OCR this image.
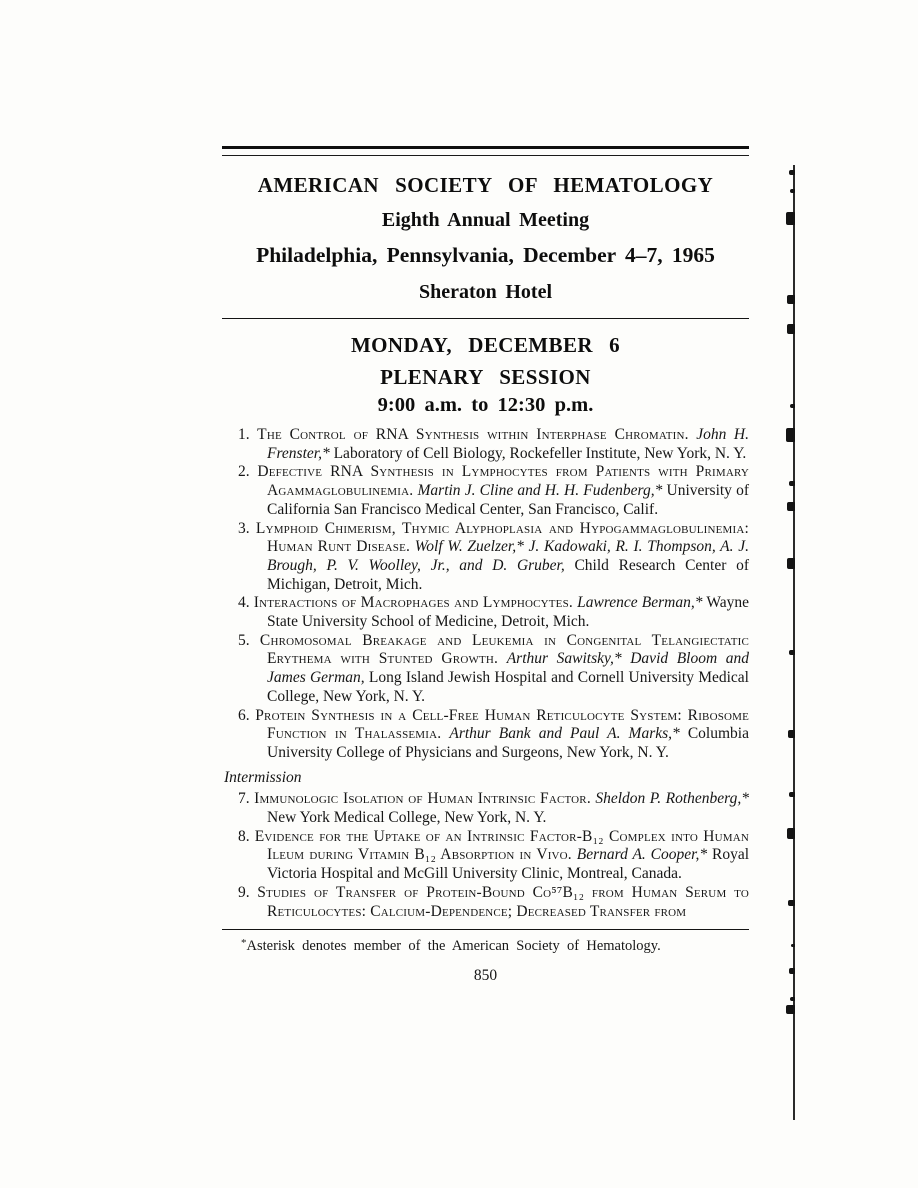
AMERICAN SOCIETY OF HEMATOLOGY
Eighth Annual Meeting
Philadelphia, Pennsylvania, December 4–7, 1965
Sheraton Hotel
MONDAY, DECEMBER 6
PLENARY SESSION
9:00 a.m. to 12:30 p.m.

1. The Control of RNA Synthesis within Interphase Chromatin. John H. Frenster,* Laboratory of Cell Biology, Rockefeller Institute, New York, N. Y.

2. Defective RNA Synthesis in Lymphocytes from Patients with Primary Agammaglobulinemia. Martin J. Cline and H. H. Fudenberg,* University of California San Francisco Medical Center, San Francisco, Calif.

3. Lymphoid Chimerism, Thymic Alyphoplasia and Hypogammaglobulinemia: Human Runt Disease. Wolf W. Zuelzer,* J. Kadowaki, R. I. Thompson, A. J. Brough, P. V. Woolley, Jr., and D. Gruber, Child Research Center of Michigan, Detroit, Mich.

4. Interactions of Macrophages and Lymphocytes. Lawrence Berman,* Wayne State University School of Medicine, Detroit, Mich.

5. Chromosomal Breakage and Leukemia in Congenital Telangiectatic Erythema with Stunted Growth. Arthur Sawitsky,* David Bloom and James German, Long Island Jewish Hospital and Cornell University Medical College, New York, N. Y.

6. Protein Synthesis in a Cell-Free Human Reticulocyte System: Ribosome Function in Thalassemia. Arthur Bank and Paul A. Marks,* Columbia University College of Physicians and Surgeons, New York, N. Y.

Intermission

7. Immunologic Isolation of Human Intrinsic Factor. Sheldon P. Rothenberg,* New York Medical College, New York, N. Y.

8. Evidence for the Uptake of an Intrinsic Factor-B₁₂ Complex into Human Ileum during Vitamin B₁₂ Absorption in Vivo. Bernard A. Cooper,* Royal Victoria Hospital and McGill University Clinic, Montreal, Canada.

9. Studies of Transfer of Protein-Bound Co⁵⁷B₁₂ from Human Serum to Reticulocytes: Calcium-Dependence; Decreased Transfer from

*Asterisk denotes member of the American Society of Hematology.

850
